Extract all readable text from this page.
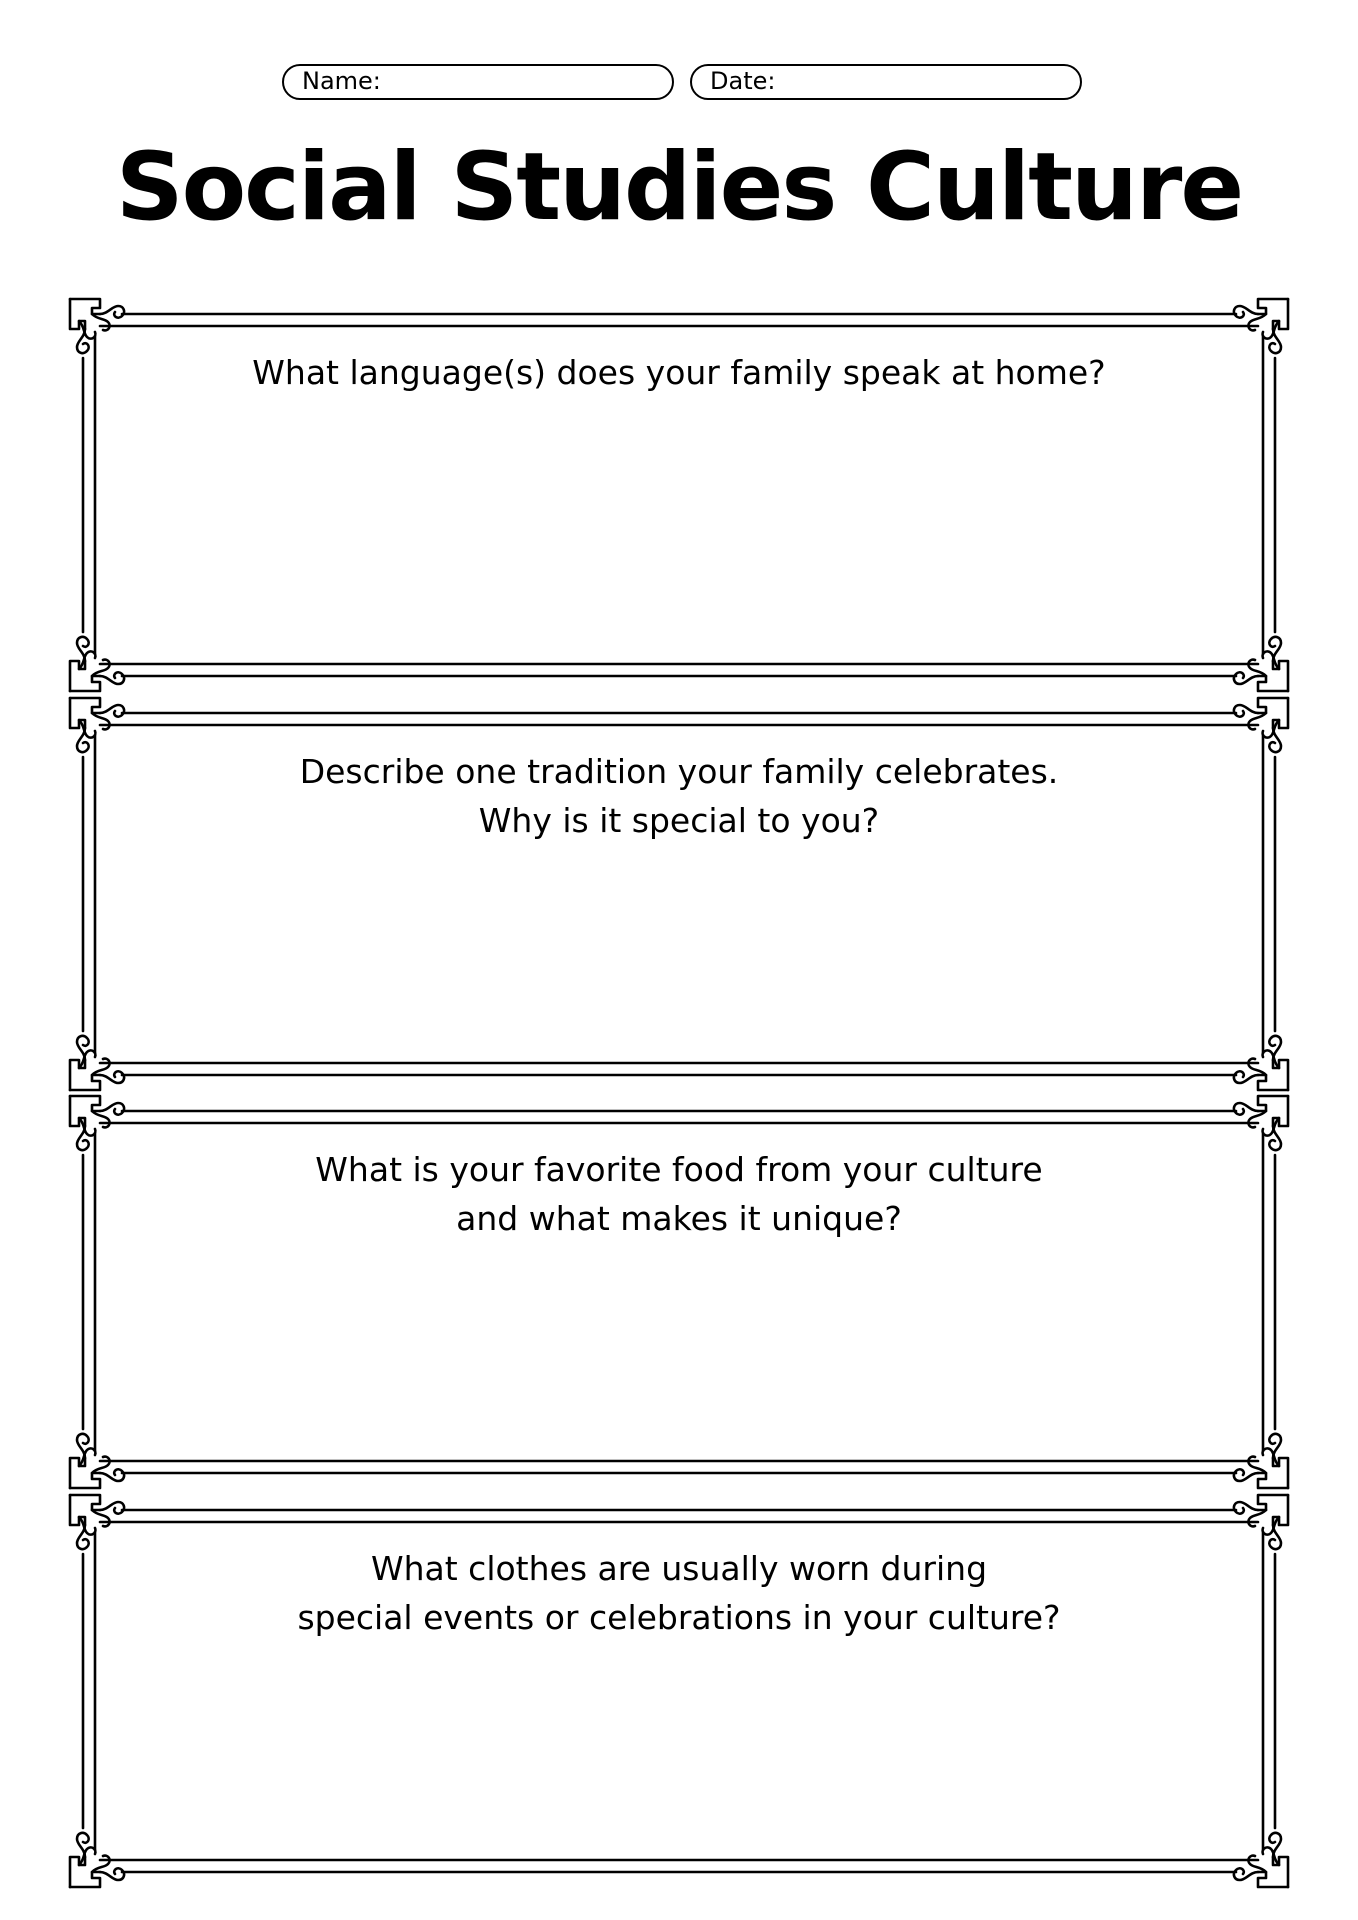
Name:	Date:
Social Studies Culture
What language(s) does your family speak at home?
Describe one tradition your family celebrates.
Why is it special to you?
What is your favorite food from your culture
and what makes it unique?
What clothes are usually worn during
special events or celebrations in your culture?
